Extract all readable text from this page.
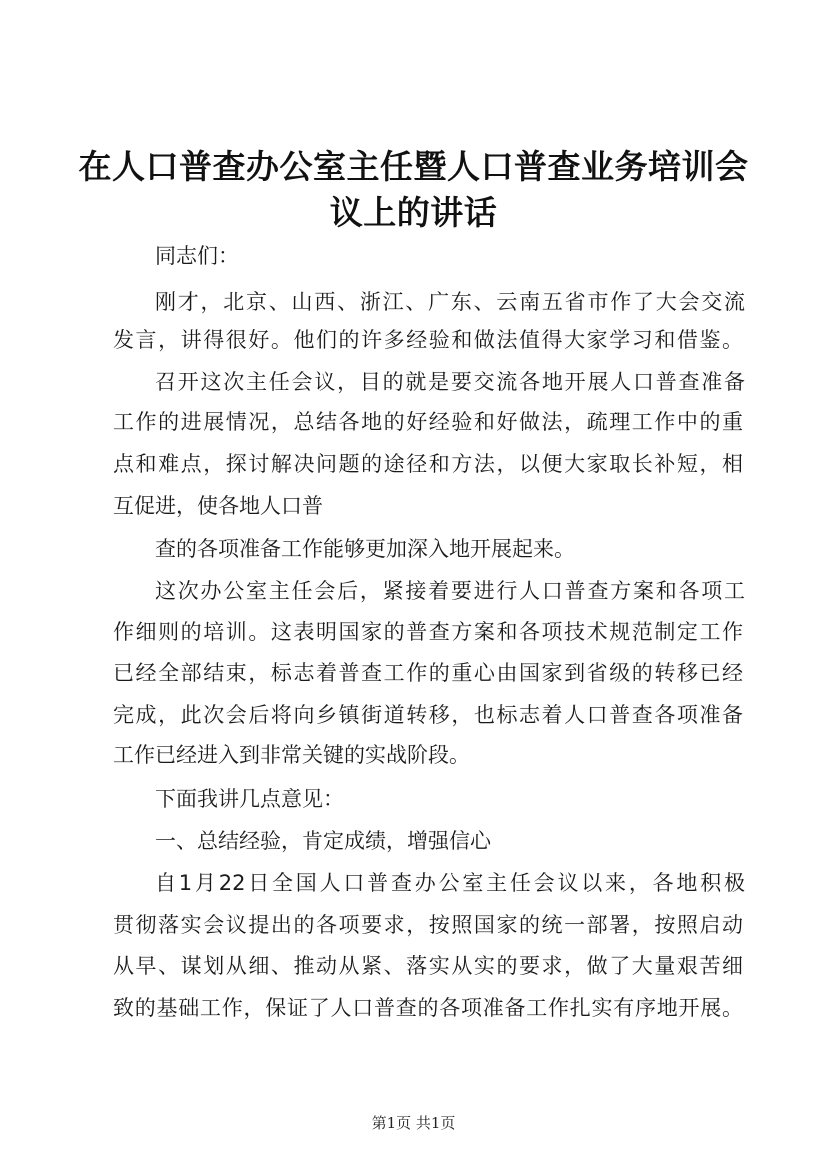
在人口普查办公室主任暨人口普查业务培训会
议上的讲话
同志们：
刚才，北京、山西、浙江、广东、云南五省市作了大会交流
发言，讲得很好。他们的许多经验和做法值得大家学习和借鉴。
召开这次主任会议，目的就是要交流各地开展人口普查准备
工作的进展情况，总结各地的好经验和好做法，疏理工作中的重
点和难点，探讨解决问题的途径和方法，以便大家取长补短，相
互促进，使各地人口普
查的各项准备工作能够更加深入地开展起来。
这次办公室主任会后，紧接着要进行人口普查方案和各项工
作细则的培训。这表明国家的普查方案和各项技术规范制定工作
已经全部结束，标志着普查工作的重心由国家到省级的转移已经
完成，此次会后将向乡镇街道转移，也标志着人口普查各项准备
工作已经进入到非常关键的实战阶段。
下面我讲几点意见：
一、总结经验，肯定成绩，增强信心
自1月22日全国人口普查办公室主任会议以来，各地积极
贯彻落实会议提出的各项要求，按照国家的统一部署，按照启动
从早、谋划从细、推动从紧、落实从实的要求，做了大量艰苦细
致的基础工作，保证了人口普查的各项准备工作扎实有序地开展。
第1页 共1页
